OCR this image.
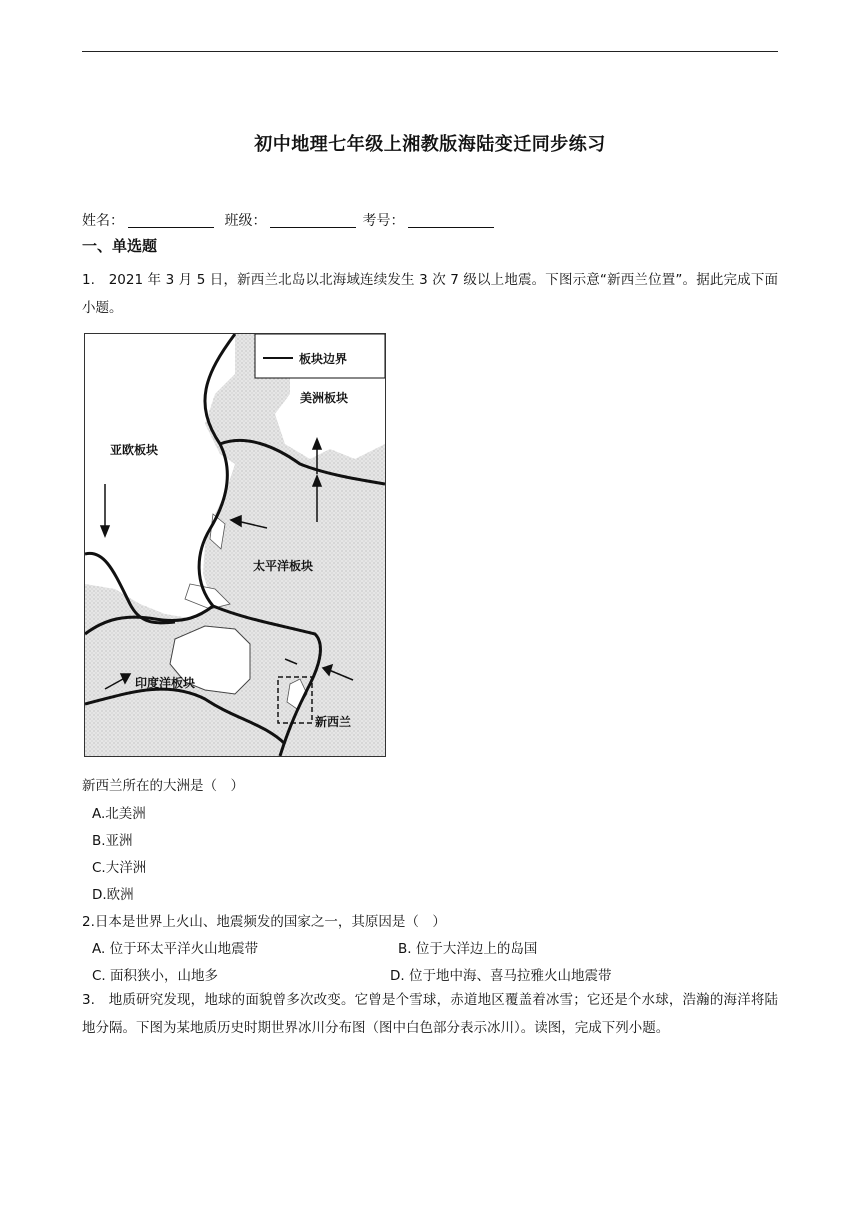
初中地理七年级上湘教版海陆变迁同步练习
姓名：	班级：	考号：
一、单选题
1.　2021 年 3 月 5 日，新西兰北岛以北海域连续发生 3 次 7 级以上地震。下图示意“新西兰位置”。据此完成下面小题。
板块边界
美洲板块
亚欧板块
太平洋板块
印度洋板块
新西兰
新西兰所在的大洲是（　）
A.北美洲
B.亚洲
C.大洋洲
D.欧洲
2.日本是世界上火山、地震频发的国家之一，其原因是（　）
A. 位于环太平洋火山地震带	B. 位于大洋边上的岛国
C. 面积狭小，山地多	D. 位于地中海、喜马拉雅火山地震带
3.　地质研究发现，地球的面貌曾多次改变。它曾是个雪球，赤道地区覆盖着冰雪；它还是个水球，浩瀚的海洋将陆地分隔。下图为某地质历史时期世界冰川分布图（图中白色部分表示冰川）。读图，完成下列小题。
